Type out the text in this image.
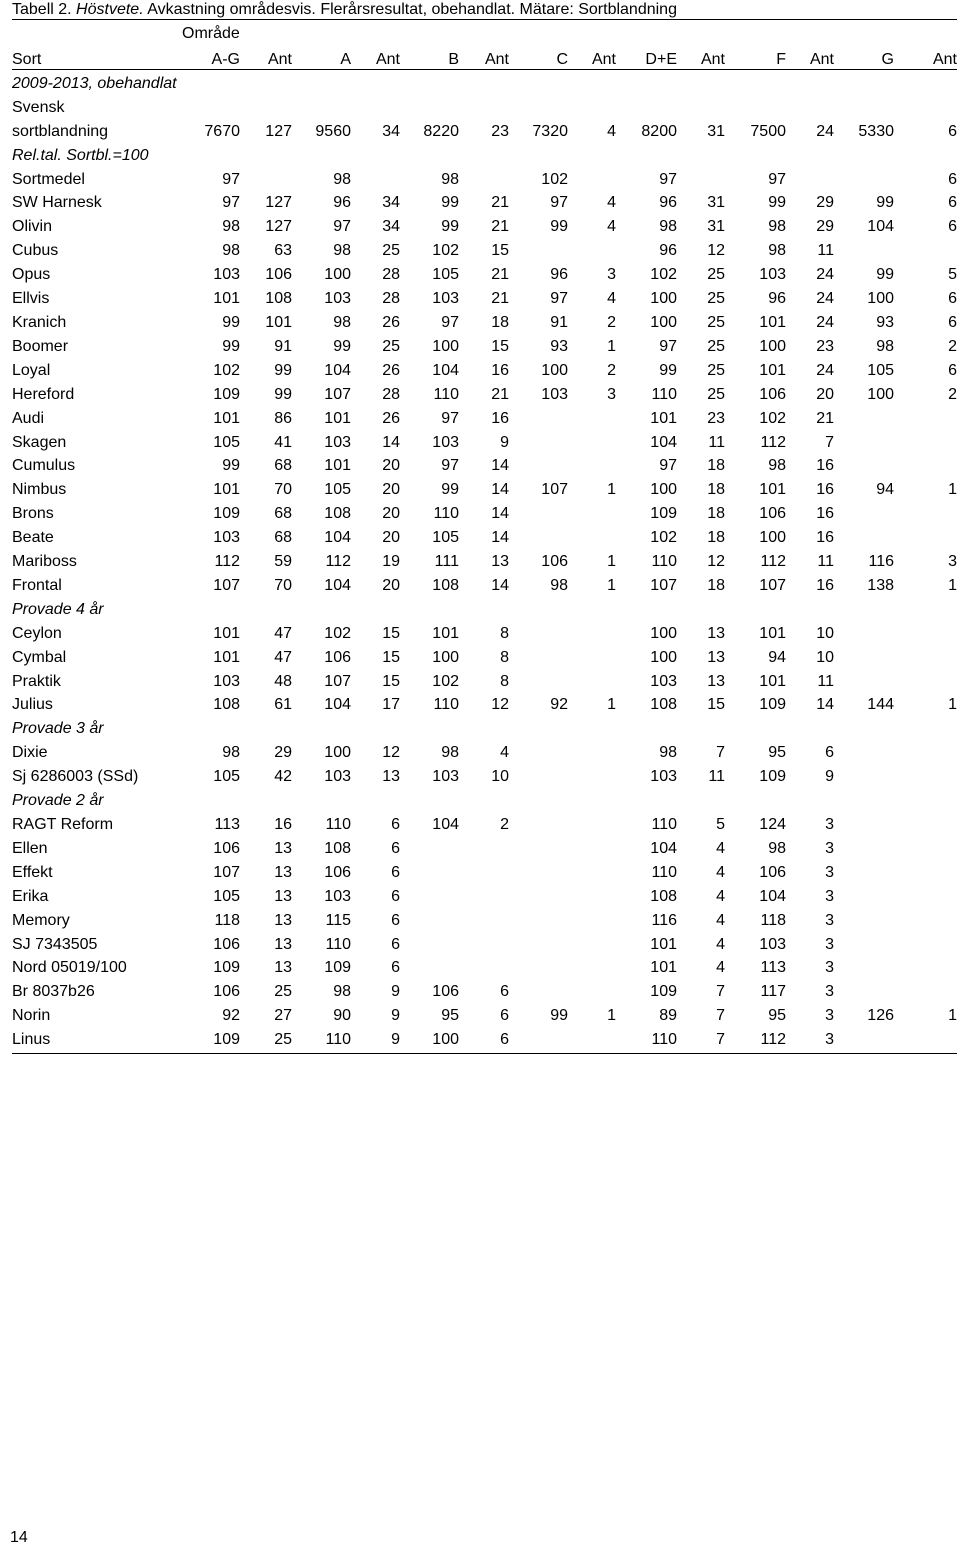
Tabell 2. Höstvete. Avkastning områdesvis. Flerårsresultat, obehandlat. Mätare: Sortblandning
Område
Sort	A-G	Ant	A	Ant	B	Ant	C	Ant	D+E	Ant	F	Ant	G	Ant
2009-2013, obehandlat														

Svensk
sortblandning	7670	127	9560	34	8220	23	7320	4	8200	31	7500	24	5330	6
Rel.tal. Sortbl.=100														
Sortmedel	97		98		98		102		97		97			6
SW Harnesk	97	127	96	34	99	21	97	4	96	31	99	29	99	6
Olivin	98	127	97	34	99	21	99	4	98	31	98	29	104	6
Cubus	98	63	98	25	102	15			96	12	98	11		
Opus	103	106	100	28	105	21	96	3	102	25	103	24	99	5
Ellvis	101	108	103	28	103	21	97	4	100	25	96	24	100	6
Kranich	99	101	98	26	97	18	91	2	100	25	101	24	93	6
Boomer	99	91	99	25	100	15	93	1	97	25	100	23	98	2
Loyal	102	99	104	26	104	16	100	2	99	25	101	24	105	6
Hereford	109	99	107	28	110	21	103	3	110	25	106	20	100	2
Audi	101	86	101	26	97	16			101	23	102	21		
Skagen	105	41	103	14	103	9			104	11	112	7		
Cumulus	99	68	101	20	97	14			97	18	98	16		
Nimbus	101	70	105	20	99	14	107	1	100	18	101	16	94	1
Brons	109	68	108	20	110	14			109	18	106	16		
Beate	103	68	104	20	105	14			102	18	100	16		
Mariboss	112	59	112	19	111	13	106	1	110	12	112	11	116	3
Frontal	107	70	104	20	108	14	98	1	107	18	107	16	138	1
Provade 4 år														
Ceylon	101	47	102	15	101	8			100	13	101	10		
Cymbal	101	47	106	15	100	8			100	13	94	10		
Praktik	103	48	107	15	102	8			103	13	101	11		
Julius	108	61	104	17	110	12	92	1	108	15	109	14	144	1
Provade 3 år														
Dixie	98	29	100	12	98	4			98	7	95	6		
Sj 6286003 (SSd)	105	42	103	13	103	10			103	11	109	9		
Provade 2 år														
RAGT Reform	113	16	110	6	104	2			110	5	124	3		
Ellen	106	13	108	6					104	4	98	3		
Effekt	107	13	106	6					110	4	106	3		
Erika	105	13	103	6					108	4	104	3		
Memory	118	13	115	6					116	4	118	3		
SJ 7343505	106	13	110	6					101	4	103	3		
Nord 05019/100	109	13	109	6					101	4	113	3		
Br 8037b26	106	25	98	9	106	6			109	7	117	3		
Norin	92	27	90	9	95	6	99	1	89	7	95	3	126	1
Linus	109	25	110	9	100	6			110	7	112	3		
14
